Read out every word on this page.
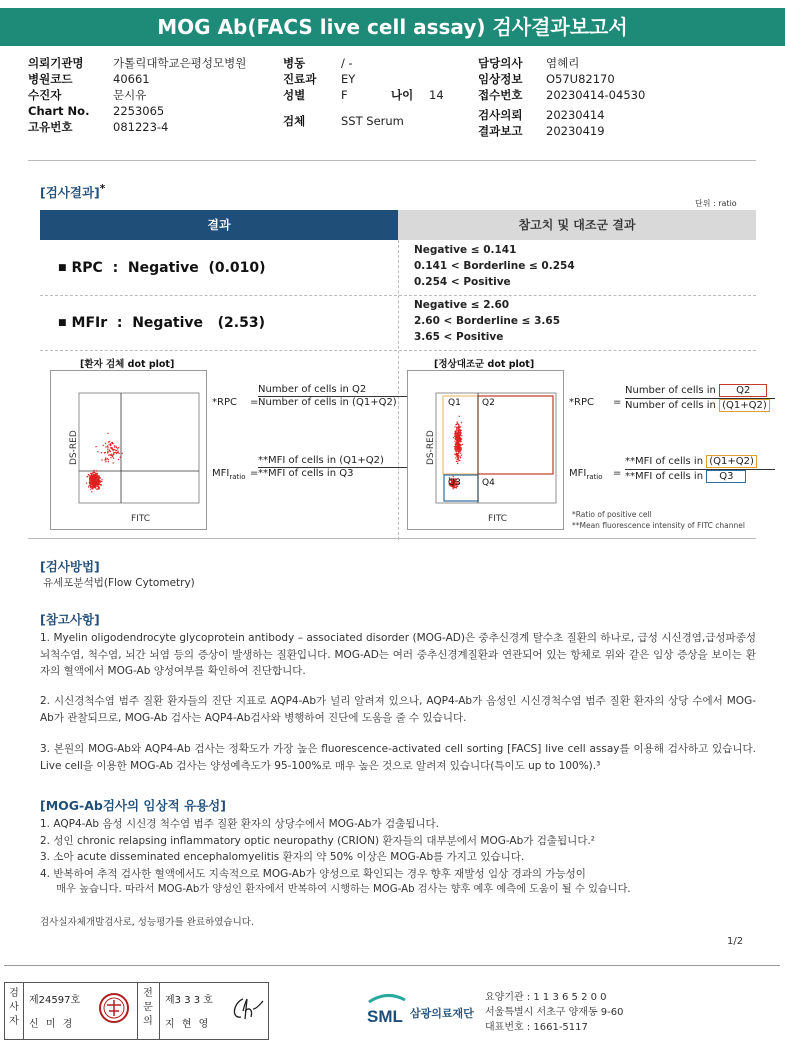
MOG Ab(FACS live cell assay) 검사결과보고서
의뢰기관명	가톨릭대학교은평성모병원
병원코드	40661
수진자	문시유
Chart No.	2253065
고유번호	081223-4
병동	/ -
진료과	EY
성별	F	나이	14
검체	SST Serum
담당의사	염혜리
임상정보	O57U82170
접수번호	20230414-04530
검사의뢰	20230414
결과보고	20230419
[검사결과]*
단위 : ratio
결과	참고치 및 대조군 결과
■ RPC  :  Negative  (0.010)
Negative ≤ 0.141
0.141 < Borderline ≤ 0.254
0.254 < Positive
■ MFIr  :  Negative   (2.53)
Negative ≤ 2.60
2.60 < Borderline ≤ 3.65
3.65 < Positive
[환자 검체 dot plot]
DS-RED
FITC
*RPC =
Number of cells in Q2
Number of cells in (Q1+Q2)
$MFI_{ratio}$ =
**MFI of cells in (Q1+Q2)
**MFI of cells in Q3
[정상대조군 dot plot]
Q1 Q2
Q3 Q4
DS-RED
FITC
*RPC =
Number of cells in Q2
Number of cells in (Q1+Q2)
$MFI_{ratio}$ =
**MFI of cells in (Q1+Q2)
**MFI of cells in Q3
*Ratio of positive cell
**Mean fluorescence intensity of FITC channel
[검사방법]
유세포분석법(Flow Cytometry)
[참고사항]
1. Myelin oligodendrocyte glycoprotein antibody – associated disorder (MOG-AD)은 중추신경계 탈수초 질환의 하나로, 급성 시신경염,급성파종성 뇌척수염, 척수염, 뇌간 뇌염 등의 증상이 발생하는 질환입니다. MOG-AD는 여러 중추신경계질환과 연관되어 있는 항체로 위와 같은 임상 증상을 보이는 환자의 혈액에서 MOG-Ab 양성여부를 확인하여 진단합니다.
2. 시신경척수염 범주 질환 환자들의 진단 지표로 AQP4-Ab가 널리 알려져 있으나, AQP4-Ab가 음성인 시신경척수염 범주 질환 환자의 상당 수에서 MOG-Ab가 관찰되므로, MOG-Ab 검사는 AQP4-Ab검사와 병행하여 진단에 도움을 줄 수 있습니다.
3. 본원의 MOG-Ab와 AQP4-Ab 검사는 정확도가 가장 높은 fluorescence-activated cell sorting [FACS] live cell assay를 이용해 검사하고 있습니다. Live cell을 이용한 MOG-Ab 검사는 양성예측도가 95-100%로 매우 높은 것으로 알려져 있습니다(특이도 up to 100%).³
[MOG-Ab검사의 임상적 유용성]
1. AQP4-Ab 음성 시신경 척수염 범주 질환 환자의 상당수에서 MOG-Ab가 검출됩니다.
2. 성인 chronic relapsing inflammatory optic neuropathy (CRION) 환자들의 대부분에서 MOG-Ab가 검출됩니다.²
3. 소아 acute disseminated encephalomyelitis 환자의 약 50% 이상은 MOG-Ab를 가지고 있습니다.
4. 반복하여 추적 검사한 혈액에서도 지속적으로 MOG-Ab가 양성으로 확인되는 경우 향후 재발성 임상 경과의 가능성이
매우 높습니다. 따라서 MOG-Ab가 양성인 환자에서 반복하여 시행하는 MOG-Ab 검사는 향후 예후 예측에 도움이 될 수 있습니다.
검사실자체개발검사로, 성능평가를 완료하였습니다.
1/2
검사자
제24597호
신 미 경
전문의
제3 3 3 호
지 현 영	SML 삼광의료재단
요양기관 : 1 1 3 6 5 2 0 0
서울특별시 서초구 양재동 9-60
대표번호 : 1661-5117
